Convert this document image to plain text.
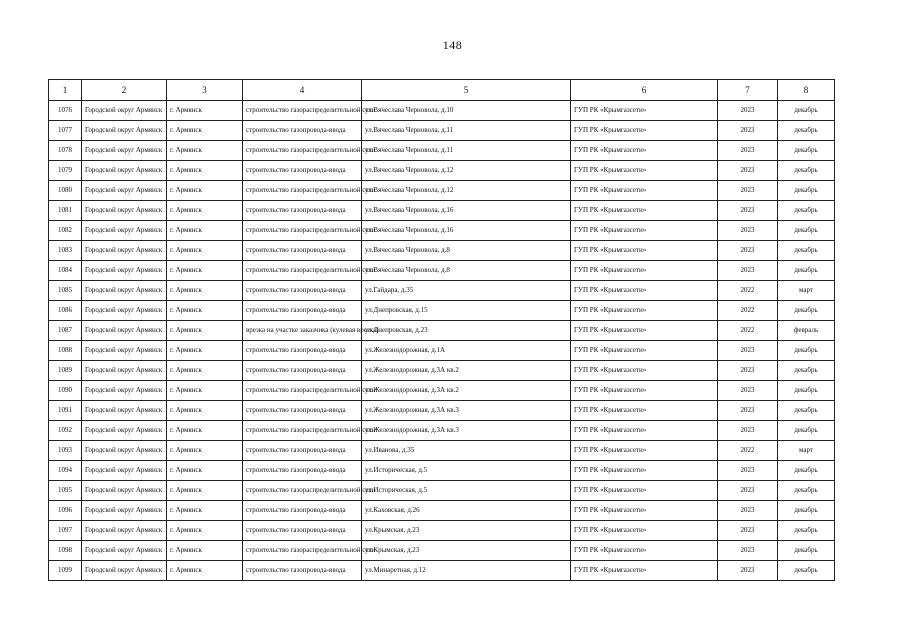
148
1	2	3	4	5	6	7	8
1076	Городской округ Армянск	г. Армянск	строительство газораспределительной сети	ул.Вячеслава Черновола, д.10	ГУП РК «Крымгазсети»	2023	декабрь
1077	Городской округ Армянск	г. Армянск	строительство газопровода-ввода	ул.Вячеслава Черновола, д.11	ГУП РК «Крымгазсети»	2023	декабрь
1078	Городской округ Армянск	г. Армянск	строительство газораспределительной сети	ул.Вячеслава Черновола, д.11	ГУП РК «Крымгазсети»	2023	декабрь
1079	Городской округ Армянск	г. Армянск	строительство газопровода-ввода	ул.Вячеслава Черновола, д.12	ГУП РК «Крымгазсети»	2023	декабрь
1080	Городской округ Армянск	г. Армянск	строительство газораспределительной сети	ул.Вячеслава Черновола, д.12	ГУП РК «Крымгазсети»	2023	декабрь
1081	Городской округ Армянск	г. Армянск	строительство газопровода-ввода	ул.Вячеслава Черновола, д.16	ГУП РК «Крымгазсети»	2023	декабрь
1082	Городской округ Армянск	г. Армянск	строительство газораспределительной сети	ул.Вячеслава Черновола, д.16	ГУП РК «Крымгазсети»	2023	декабрь
1083	Городской округ Армянск	г. Армянск	строительство газопровода-ввода	ул.Вячеслава Черновола, д.8	ГУП РК «Крымгазсети»	2023	декабрь
1084	Городской округ Армянск	г. Армянск	строительство газораспределительной сети	ул.Вячеслава Черновола, д.8	ГУП РК «Крымгазсети»	2023	декабрь
1085	Городской округ Армянск	г. Армянск	строительство газопровода-ввода	ул.Гайдара, д.35	ГУП РК «Крымгазсети»	2022	март
1086	Городской округ Армянск	г. Армянск	строительство газопровода-ввода	ул.Днепровская, д.15	ГУП РК «Крымгазсети»	2022	декабрь
1087	Городской округ Армянск	г. Армянск	врезка на участке заказчика (кулевая врезка)	ул.Днепровская, д.23	ГУП РК «Крымгазсети»	2022	февраль
1088	Городской округ Армянск	г. Армянск	строительство газопровода-ввода	ул.Железнодорожная, д.1А	ГУП РК «Крымгазсети»	2023	декабрь
1089	Городской округ Армянск	г. Армянск	строительство газопровода-ввода	ул.Железнодорожная, д.3А кв.2	ГУП РК «Крымгазсети»	2023	декабрь
1090	Городской округ Армянск	г. Армянск	строительство газораспределительной сети	ул.Железнодорожная, д.3А кв.2	ГУП РК «Крымгазсети»	2023	декабрь
1091	Городской округ Армянск	г. Армянск	строительство газопровода-ввода	ул.Железнодорожная, д.3А кв.3	ГУП РК «Крымгазсети»	2023	декабрь
1092	Городской округ Армянск	г. Армянск	строительство газораспределительной сети	ул.Железнодорожная, д.3А кв.3	ГУП РК «Крымгазсети»	2023	декабрь
1093	Городской округ Армянск	г. Армянск	строительство газопровода-ввода	ул.Иванова, д.35	ГУП РК «Крымгазсети»	2022	март
1094	Городской округ Армянск	г. Армянск	строительство газопровода-ввода	ул.Историческая, д.5	ГУП РК «Крымгазсети»	2023	декабрь
1095	Городской округ Армянск	г. Армянск	строительство газораспределительной сети	ул.Историческая, д.5	ГУП РК «Крымгазсети»	2023	декабрь
1096	Городской округ Армянск	г. Армянск	строительство газопровода-ввода	ул.Каховская, д.26	ГУП РК «Крымгазсети»	2023	декабрь
1097	Городской округ Армянск	г. Армянск	строительство газопровода-ввода	ул.Крымская, д.23	ГУП РК «Крымгазсети»	2023	декабрь
1098	Городской округ Армянск	г. Армянск	строительство газораспределительной сети	ул.Крымская, д.23	ГУП РК «Крымгазсети»	2023	декабрь
1099	Городской округ Армянск	г. Армянск	строительство газопровода-ввода	ул.Минаретная, д.12	ГУП РК «Крымгазсети»	2023	декабрь
